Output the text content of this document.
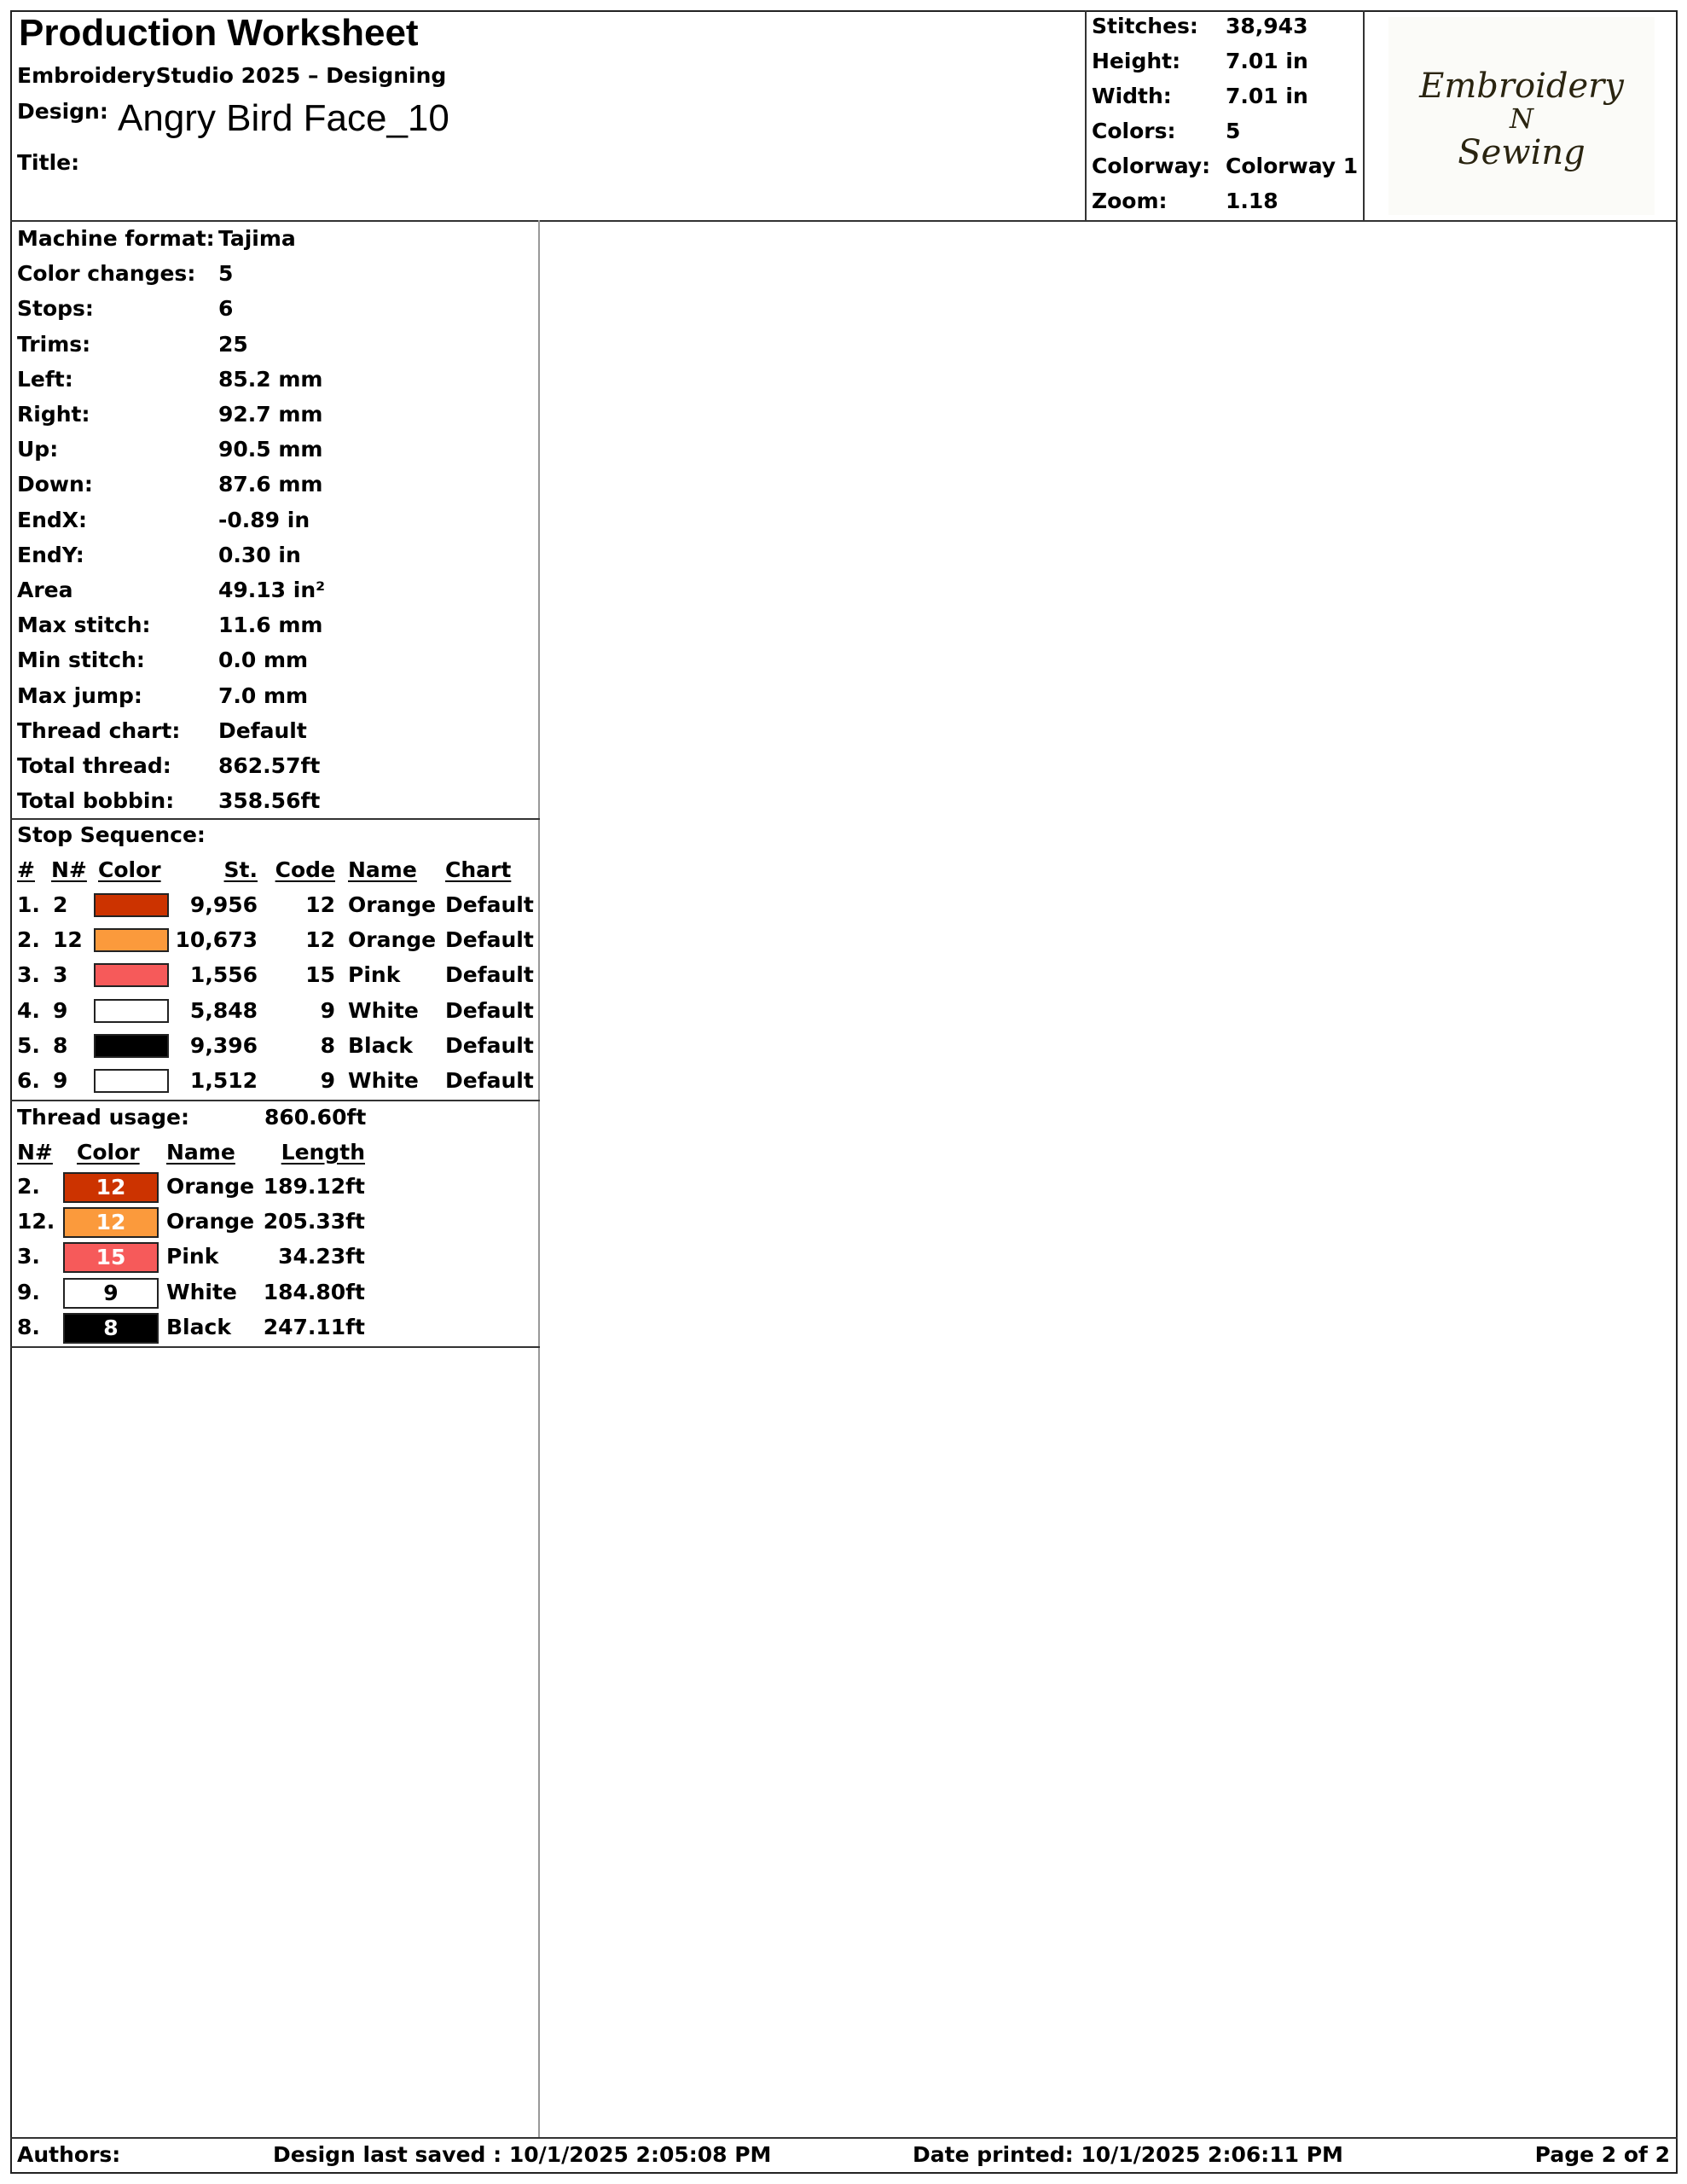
Production Worksheet
EmbroideryStudio 2025 – Designing
Design: Angry Bird Face_10
Title:
Stitches: 38,943
Height: 7.01 in
Width:	7.01 in
Colors: 5
Colorway: Colorway 1
Zoom:	1.18
Embroidery
N
Sewing
Machine format: Tajima
Color changes: 5
Stops:	6
Trims:	25
Left:	85.2 mm
Right:	92.7 mm
Up:	90.5 mm
Down:	87.6 mm
EndX:	-0.89 in
EndY:	0.30 in
Area	49.13 in²
Max stitch:	11.6 mm
Min stitch:	0.0 mm
Max jump:	7.0 mm
Thread chart: Default
Total thread: 862.57ft
Total bobbin: 358.56ft
Stop Sequence:
# N# Color	St. Code Name Chart
1. 2	9,956	12 Orange Default
2. 12	10,673	12 Orange Default
3. 3	1,556	15 Pink Default
4. 9	5,848	9 White Default
5. 8	9,396	8 Black Default
6. 9	1,512	9 White Default
Thread usage:	860.60ft
N# Color Name	Length
2.	12	Orange 189.12ft
12.	12	Orange 205.33ft
3.	15	Pink	34.23ft
9.	9	White	184.80ft
8.	8	Black	247.11ft
Authors:	Design last saved : 10/1/2025 2:05:08 PM	Date printed: 10/1/2025 2:06:11 PM	Page 2 of 2
